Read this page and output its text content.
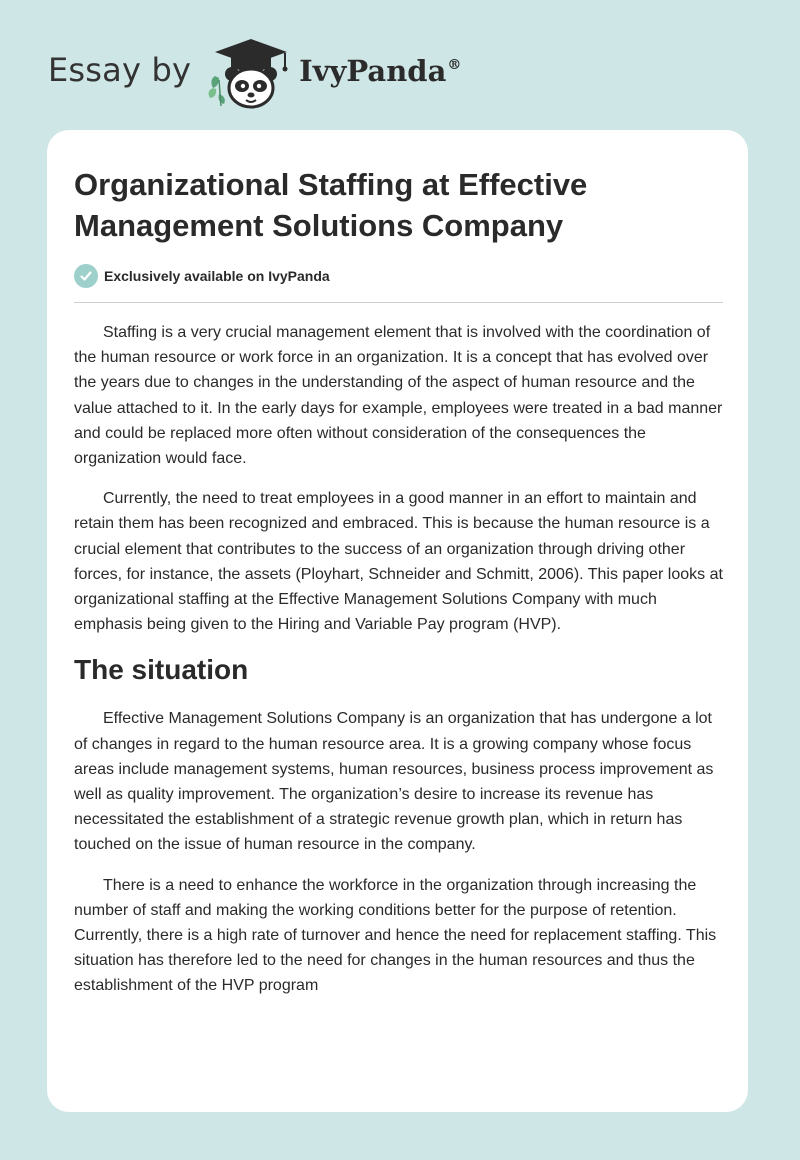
Essay by	IvyPanda®
Organizational Staffing at Effective Management Solutions Company
Exclusively available on IvyPanda

Staffing is a very crucial management element that is involved with the coordination of the human resource or work force in an organization. It is a concept that has evolved over the years due to changes in the understanding of the aspect of human resource and the value attached to it. In the early days for example, employees were treated in a bad manner and could be replaced more often without consideration of the consequences the organization would face.

Currently, the need to treat employees in a good manner in an effort to maintain and retain them has been recognized and embraced. This is because the human resource is a crucial element that contributes to the success of an organization through driving other forces, for instance, the assets (Ployhart, Schneider and Schmitt, 2006). This paper looks at organizational staffing at the Effective Management Solutions Company with much emphasis being given to the Hiring and Variable Pay program (HVP).

The situation

Effective Management Solutions Company is an organization that has undergone a lot of changes in regard to the human resource area. It is a growing company whose focus areas include management systems, human resources, business process improvement as well as quality improvement. The organization’s desire to increase its revenue has necessitated the establishment of a strategic revenue growth plan, which in return has touched on the issue of human resource in the company.

There is a need to enhance the workforce in the organization through increasing the number of staff and making the working conditions better for the purpose of retention. Currently, there is a high rate of turnover and hence the need for replacement staffing. This situation has therefore led to the need for changes in the human resources and thus the establishment of the HVP program
